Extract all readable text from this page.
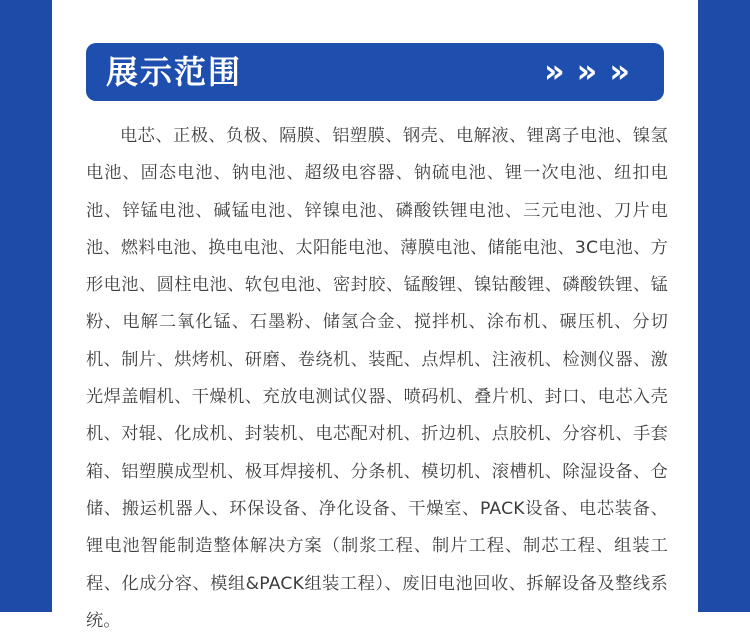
展示范围	»»»

电芯、正极、负极、隔膜、铝塑膜、钢壳、电解液、锂离子电池、镍氢电池、固态电池、钠电池、超级电容器、钠硫电池、锂一次电池、纽扣电池、锌锰电池、碱锰电池、锌镍电池、磷酸铁锂电池、三元电池、刀片电池、燃料电池、换电电池、太阳能电池、薄膜电池、储能电池、3C电池、方形电池、圆柱电池、软包电池、密封胶、锰酸锂、镍钴酸锂、磷酸铁锂、锰粉、电解二氧化锰、石墨粉、储氢合金、搅拌机、涂布机、碾压机、分切机、制片、烘烤机、研磨、卷绕机、装配、点焊机、注液机、检测仪器、激光焊盖帽机、干燥机、充放电测试仪器、喷码机、叠片机、封口、电芯入壳机、对辊、化成机、封装机、电芯配对机、折边机、点胶机、分容机、手套箱、铝塑膜成型机、极耳焊接机、分条机、模切机、滚槽机、除湿设备、仓储、搬运机器人、环保设备、净化设备、干燥室、PACK设备、电芯装备、锂电池智能制造整体解决方案（制浆工程、制片工程、制芯工程、组装工程、化成分容、模组&PACK组装工程）、废旧电池回收、拆解设备及整线系统。
